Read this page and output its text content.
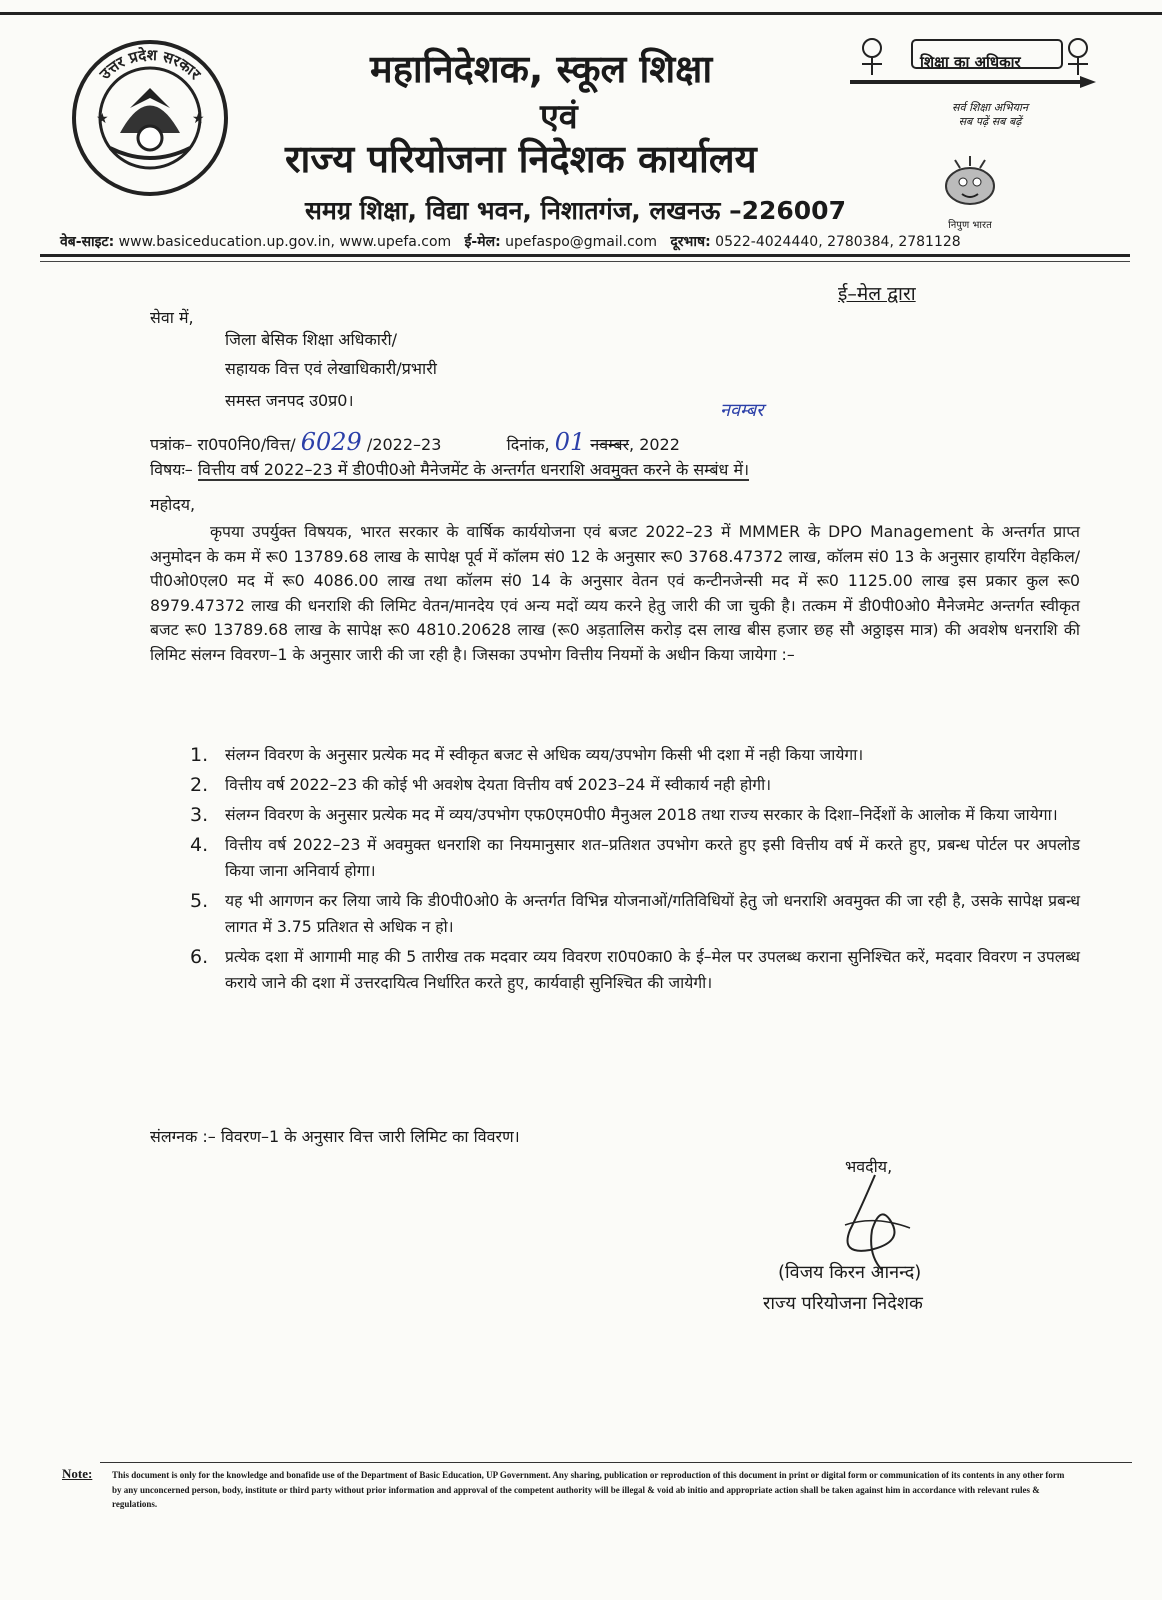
★	★
उत्तर प्रदेश सरकार	महानिदेशक, स्कूल शिक्षा
एवं
राज्य परियोजना निदेशक कार्यालय
समग्र शिक्षा, विद्या भवन, निशातगंज, लखनऊ –226007
शिक्षा का अधिकार
सर्व शिक्षा अभियान
सब पढ़ें सब बढ़ें
निपुण भारत
वेब-साइट: www.basiceducation.up.gov.in, www.upefa.com ई-मेल: upefaspo@gmail.com दूरभाष: 0522-4024440, 2780384, 2781128
ई–मेल द्वारा
सेवा में,
जिला बेसिक शिक्षा अधिकारी/
सहायक वित्त एवं लेखाधिकारी/प्रभारी
समस्त जनपद उ0प्र0।	नवम्बर
पत्रांक– रा0प0नि0/वित्त/ 6029 /2022–23	दिनांक, 01 नवम्बर, 2022
विषयः– वित्तीय वर्ष 2022–23 में डी0पी0ओ मैनेजमेंट के अन्तर्गत धनराशि अवमुक्त करने के सम्बंध में।
महोदय,
कृपया उपर्युक्त विषयक, भारत सरकार के वार्षिक कार्ययोजना एवं बजट 2022–23 में MMMER के DPO Management के अन्तर्गत प्राप्त अनुमोदन के कम में रू0 13789.68 लाख के सापेक्ष पूर्व में कॉलम सं0 12 के अनुसार रू0 3768.47372 लाख, कॉलम सं0 13 के अनुसार हायरिंग वेहकिल/पी0ओ0एल0 मद में रू0 4086.00 लाख तथा कॉलम सं0 14 के अनुसार वेतन एवं कन्टीनजेन्सी मद में रू0 1125.00 लाख इस प्रकार कुल रू0 8979.47372 लाख की धनराशि की लिमिट वेतन/मानदेय एवं अन्य मदों व्यय करने हेतु जारी की जा चुकी है। तत्कम में डी0पी0ओ0 मैनेजमेट अन्तर्गत स्वीकृत बजट रू0 13789.68 लाख के सापेक्ष रू0 4810.20628 लाख (रू0 अड़तालिस करोड़ दस लाख बीस हजार छह सौ अठ्ठाइस मात्र) की अवशेष धनराशि की लिमिट संलग्न विवरण–1 के अनुसार जारी की जा रही है। जिसका उपभोग वित्तीय नियमों के अधीन किया जायेगा :–
1. संलग्न विवरण के अनुसार प्रत्येक मद में स्वीकृत बजट से अधिक व्यय/उपभोग किसी भी दशा में नही किया जायेगा।
2. वित्तीय वर्ष 2022–23 की कोई भी अवशेष देयता वित्तीय वर्ष 2023–24 में स्वीकार्य नही होगी।
3. संलग्न विवरण के अनुसार प्रत्येक मद में व्यय/उपभोग एफ0एम0पी0 मैनुअल 2018 तथा राज्य सरकार के दिशा–निर्देशों के आलोक में किया जायेगा।
4. वित्तीय वर्ष 2022–23 में अवमुक्त धनराशि का नियमानुसार शत–प्रतिशत उपभोग करते हुए इसी वित्तीय वर्ष में करते हुए, प्रबन्ध पोर्टल पर अपलोड किया जाना अनिवार्य होगा।
5. यह भी आगणन कर लिया जाये कि डी0पी0ओ0 के अन्तर्गत विभिन्न योजनाओं/गतिविधियों हेतु जो धनराशि अवमुक्त की जा रही है, उसके सापेक्ष प्रबन्ध लागत में 3.75 प्रतिशत से अधिक न हो।
6. प्रत्येक दशा में आगामी माह की 5 तारीख तक मदवार व्यय विवरण रा0प0का0 के ई–मेल पर उपलब्ध कराना सुनिश्चित करें, मदवार विवरण न उपलब्ध कराये जाने की दशा में उत्तरदायित्व निर्धारित करते हुए, कार्यवाही सुनिश्चित की जायेगी।
संलग्नक :– विवरण–1 के अनुसार वित्त जारी लिमिट का विवरण।
भवदीय,
(विजय किरन आनन्द)
राज्य परियोजना निदेशक
Note: This document is only for the knowledge and bonafide use of the Department of Basic Education, UP Government. Any sharing, publication or reproduction of this document in print or digital form or communication of its contents in any other form by any unconcerned person, body, institute or third party without prior information and approval of the competent authority will be illegal & void ab initio and appropriate action shall be taken against him in accordance with relevant rules & regulations.
